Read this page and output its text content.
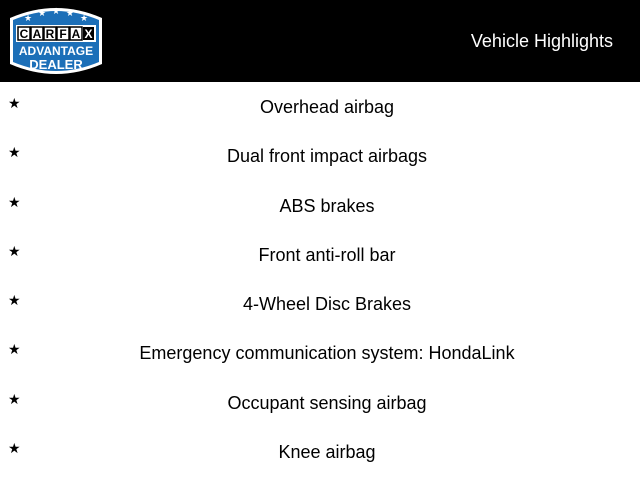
★ ★ ★ ★ ★
C A R F A X
ADVANTAGE
DEALER
Vehicle Highlights
★	Overhead airbag
★	Dual front impact airbags
★	ABS brakes
★	Front anti-roll bar
★	4-Wheel Disc Brakes
★	Emergency communication system: HondaLink
★	Occupant sensing airbag
★	Knee airbag
